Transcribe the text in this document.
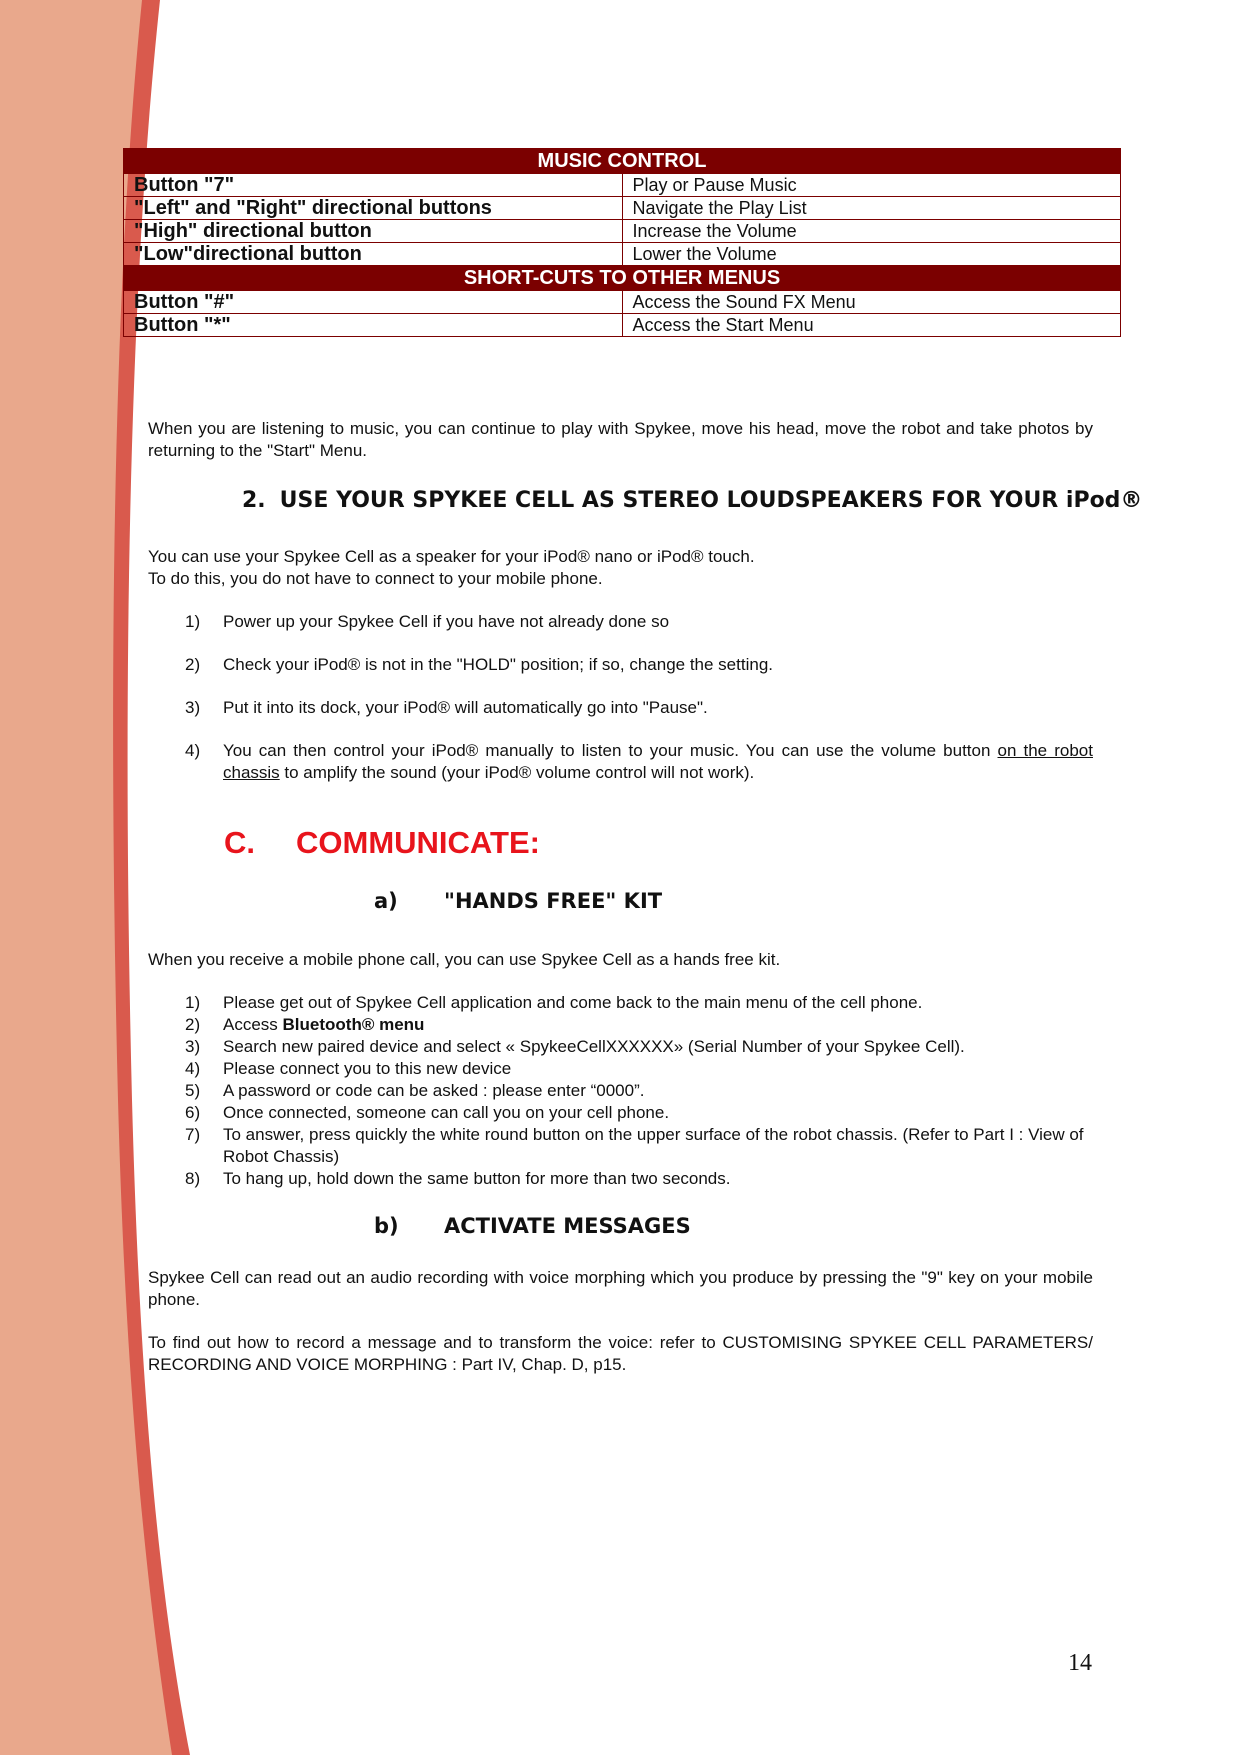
MUSIC CONTROL	
Button "7"	Play or Pause Music
"Left" and "Right" directional buttons	Navigate the Play List
"High" directional button	Increase the Volume
"Low"directional button	Lower the Volume
SHORT-CUTS TO OTHER MENUS	
Button "#"	Access the Sound FX Menu
Button "*"	Access the Start Menu

When you are listening to music, you can continue to play with Spykee, move his head, move the robot and take photos by returning to the "Start" Menu.

2. USE YOUR SPYKEE CELL AS STEREO LOUDSPEAKERS FOR YOUR iPod®

You can use your Spykee Cell as a speaker for your iPod® nano or iPod® touch.

To do this, you do not have to connect to your mobile phone.

1)	Power up your Spykee Cell if you have not already done so
2)	Check your iPod® is not in the "HOLD" position; if so, change the setting.
3)	Put it into its dock, your iPod® will automatically go into "Pause".
4)	You can then control your iPod® manually to listen to your music. You can use the volume button on the robot chassis to amplify the sound (your iPod® volume control will not work).
C. COMMUNICATE:
a) "HANDS FREE" KIT

When you receive a mobile phone call, you can use Spykee Cell as a hands free kit.

1)	Please get out of Spykee Cell application and come back to the main menu of the cell phone.
2)	Access Bluetooth® menu
3)	Search new paired device and select « SpykeeCellXXXXXX» (Serial Number of your Spykee Cell).
4)	Please connect you to this new device
5)	A password or code can be asked : please enter “0000”.
6)	Once connected, someone can call you on your cell phone.
7)	To answer, press quickly the white round button on the upper surface of the robot chassis. (Refer to Part I : View of Robot Chassis)
8)	To hang up, hold down the same button for more than two seconds.
b) ACTIVATE MESSAGES

Spykee Cell can read out an audio recording with voice morphing which you produce by pressing the "9" key on your mobile phone.

To find out how to record a message and to transform the voice: refer to CUSTOMISING SPYKEE CELL PARAMETERS/ RECORDING AND VOICE MORPHING : Part IV, Chap. D, p15.

14
